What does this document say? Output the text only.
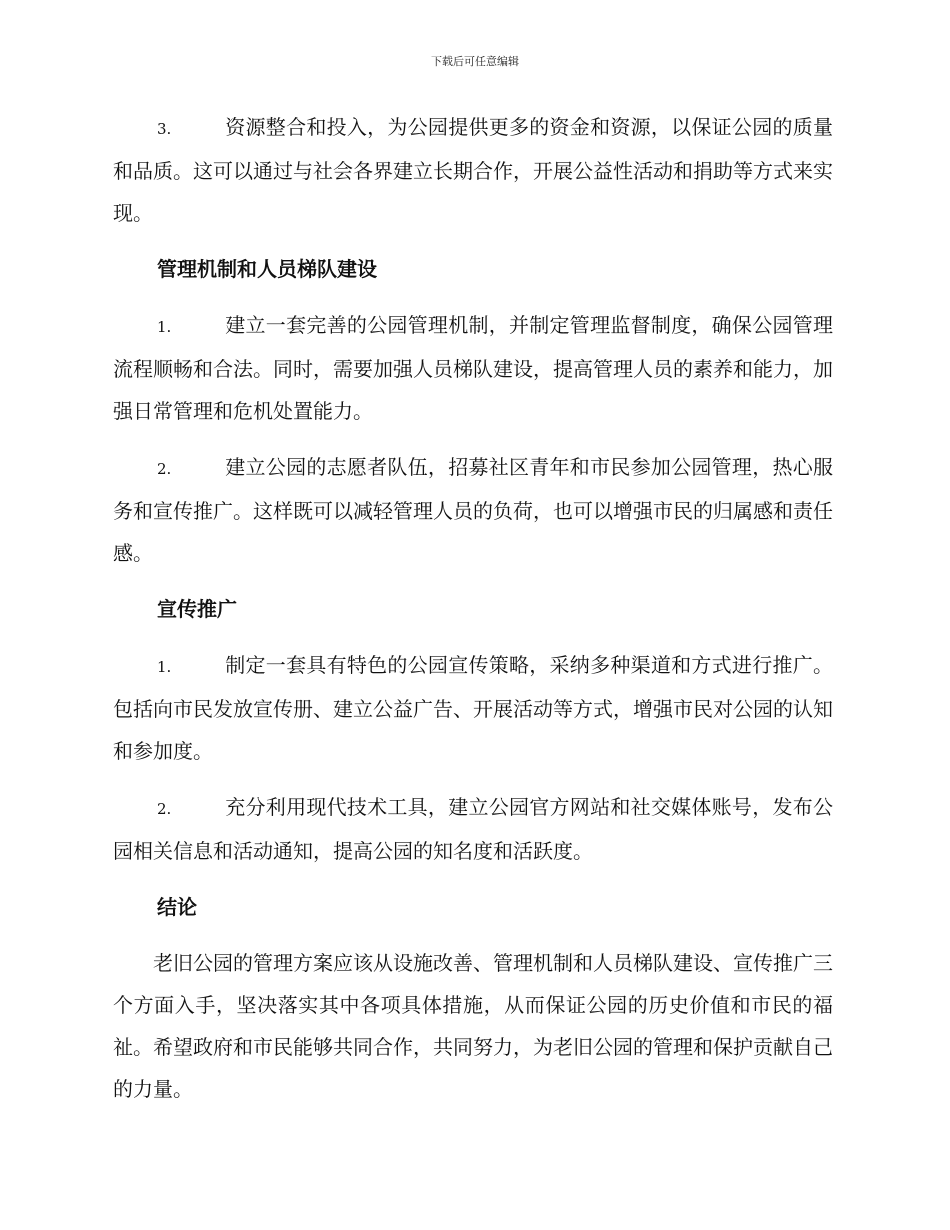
下载后可任意编辑

3.	资源整合和投入，为公园提供更多的资金和资源，以保证公园的质量和品质。这可以通过与社会各界建立长期合作，开展公益性活动和捐助等方式来实现。

管理机制和人员梯队建设

1.	建立一套完善的公园管理机制，并制定管理监督制度，确保公园管理流程顺畅和合法。同时，需要加强人员梯队建设，提高管理人员的素养和能力，加强日常管理和危机处置能力。

2.	建立公园的志愿者队伍，招募社区青年和市民参加公园管理，热心服务和宣传推广。这样既可以减轻管理人员的负荷，也可以增强市民的归属感和责任感。

宣传推广

1.	制定一套具有特色的公园宣传策略，采纳多种渠道和方式进行推广。包括向市民发放宣传册、建立公益广告、开展活动等方式，增强市民对公园的认知和参加度。

2.	充分利用现代技术工具，建立公园官方网站和社交媒体账号，发布公园相关信息和活动通知，提高公园的知名度和活跃度。

结论

老旧公园的管理方案应该从设施改善、管理机制和人员梯队建设、宣传推广三个方面入手，坚决落实其中各项具体措施，从而保证公园的历史价值和市民的福祉。希望政府和市民能够共同合作，共同努力，为老旧公园的管理和保护贡献自己的力量。
